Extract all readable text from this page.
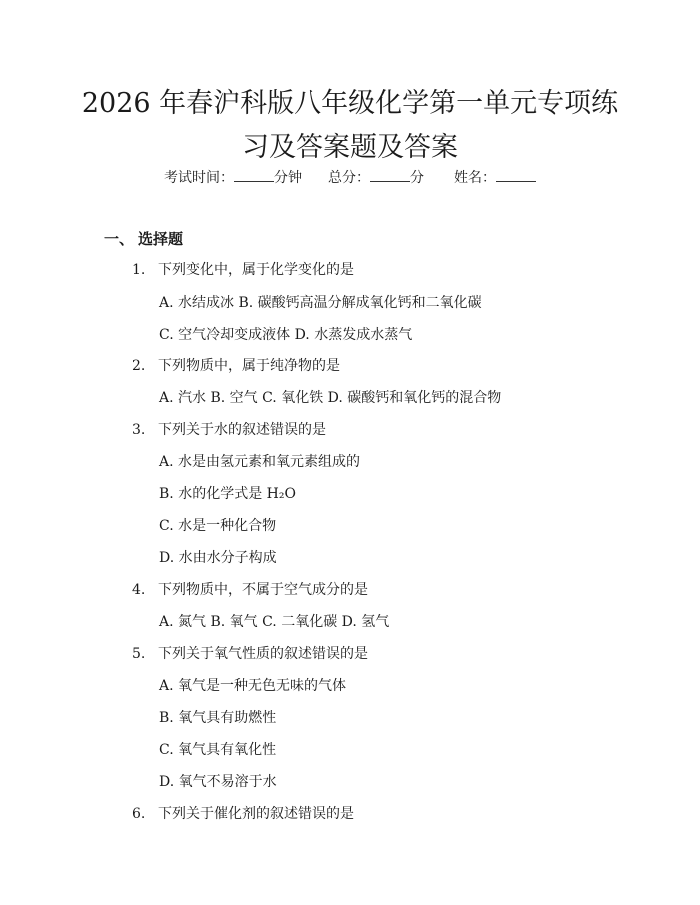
2026 年春沪科版八年级化学第一单元专项练
习及答案题及答案
考试时间：	分钟 总分：	分 姓名：
一、 选择题
1. 下列变化中，属于化学变化的是
A. 水结成冰 B. 碳酸钙高温分解成氧化钙和二氧化碳
C. 空气冷却变成液体 D. 水蒸发成水蒸气
2. 下列物质中，属于纯净物的是
A. 汽水 B. 空气 C. 氧化铁 D. 碳酸钙和氧化钙的混合物
3. 下列关于水的叙述错误的是
A. 水是由氢元素和氧元素组成的
B. 水的化学式是 H₂O
C. 水是一种化合物
D. 水由水分子构成
4. 下列物质中，不属于空气成分的是
A. 氮气 B. 氧气 C. 二氧化碳 D. 氢气
5. 下列关于氧气性质的叙述错误的是
A. 氧气是一种无色无味的气体
B. 氧气具有助燃性
C. 氧气具有氧化性
D. 氧气不易溶于水
6. 下列关于催化剂的叙述错误的是
